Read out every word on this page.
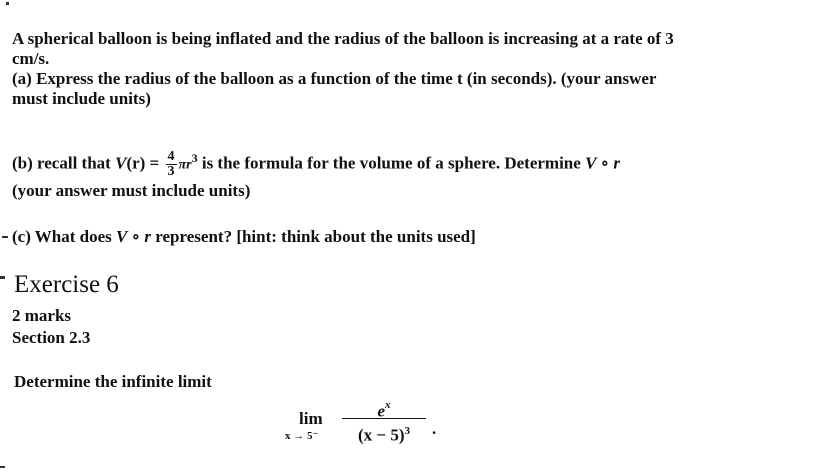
A spherical balloon is being inflated and the radius of the balloon is increasing at a rate of 3
cm/s.
(a) Express the radius of the balloon as a function of the time t (in seconds). (your answer
must include units)
(b) recall that $V(r) = \frac{4}{3} \pi r^3$ is the formula for the volume of a sphere. Determine V ∘ r
(your answer must include units)
(c) What does V ∘ r represent? [hint: think about the units used]
Exercise 6
2 marks
Section 2.3
Determine the infinite limit
lim
x → 5⁻
$e^x$
$(x - 5)^3$	.
